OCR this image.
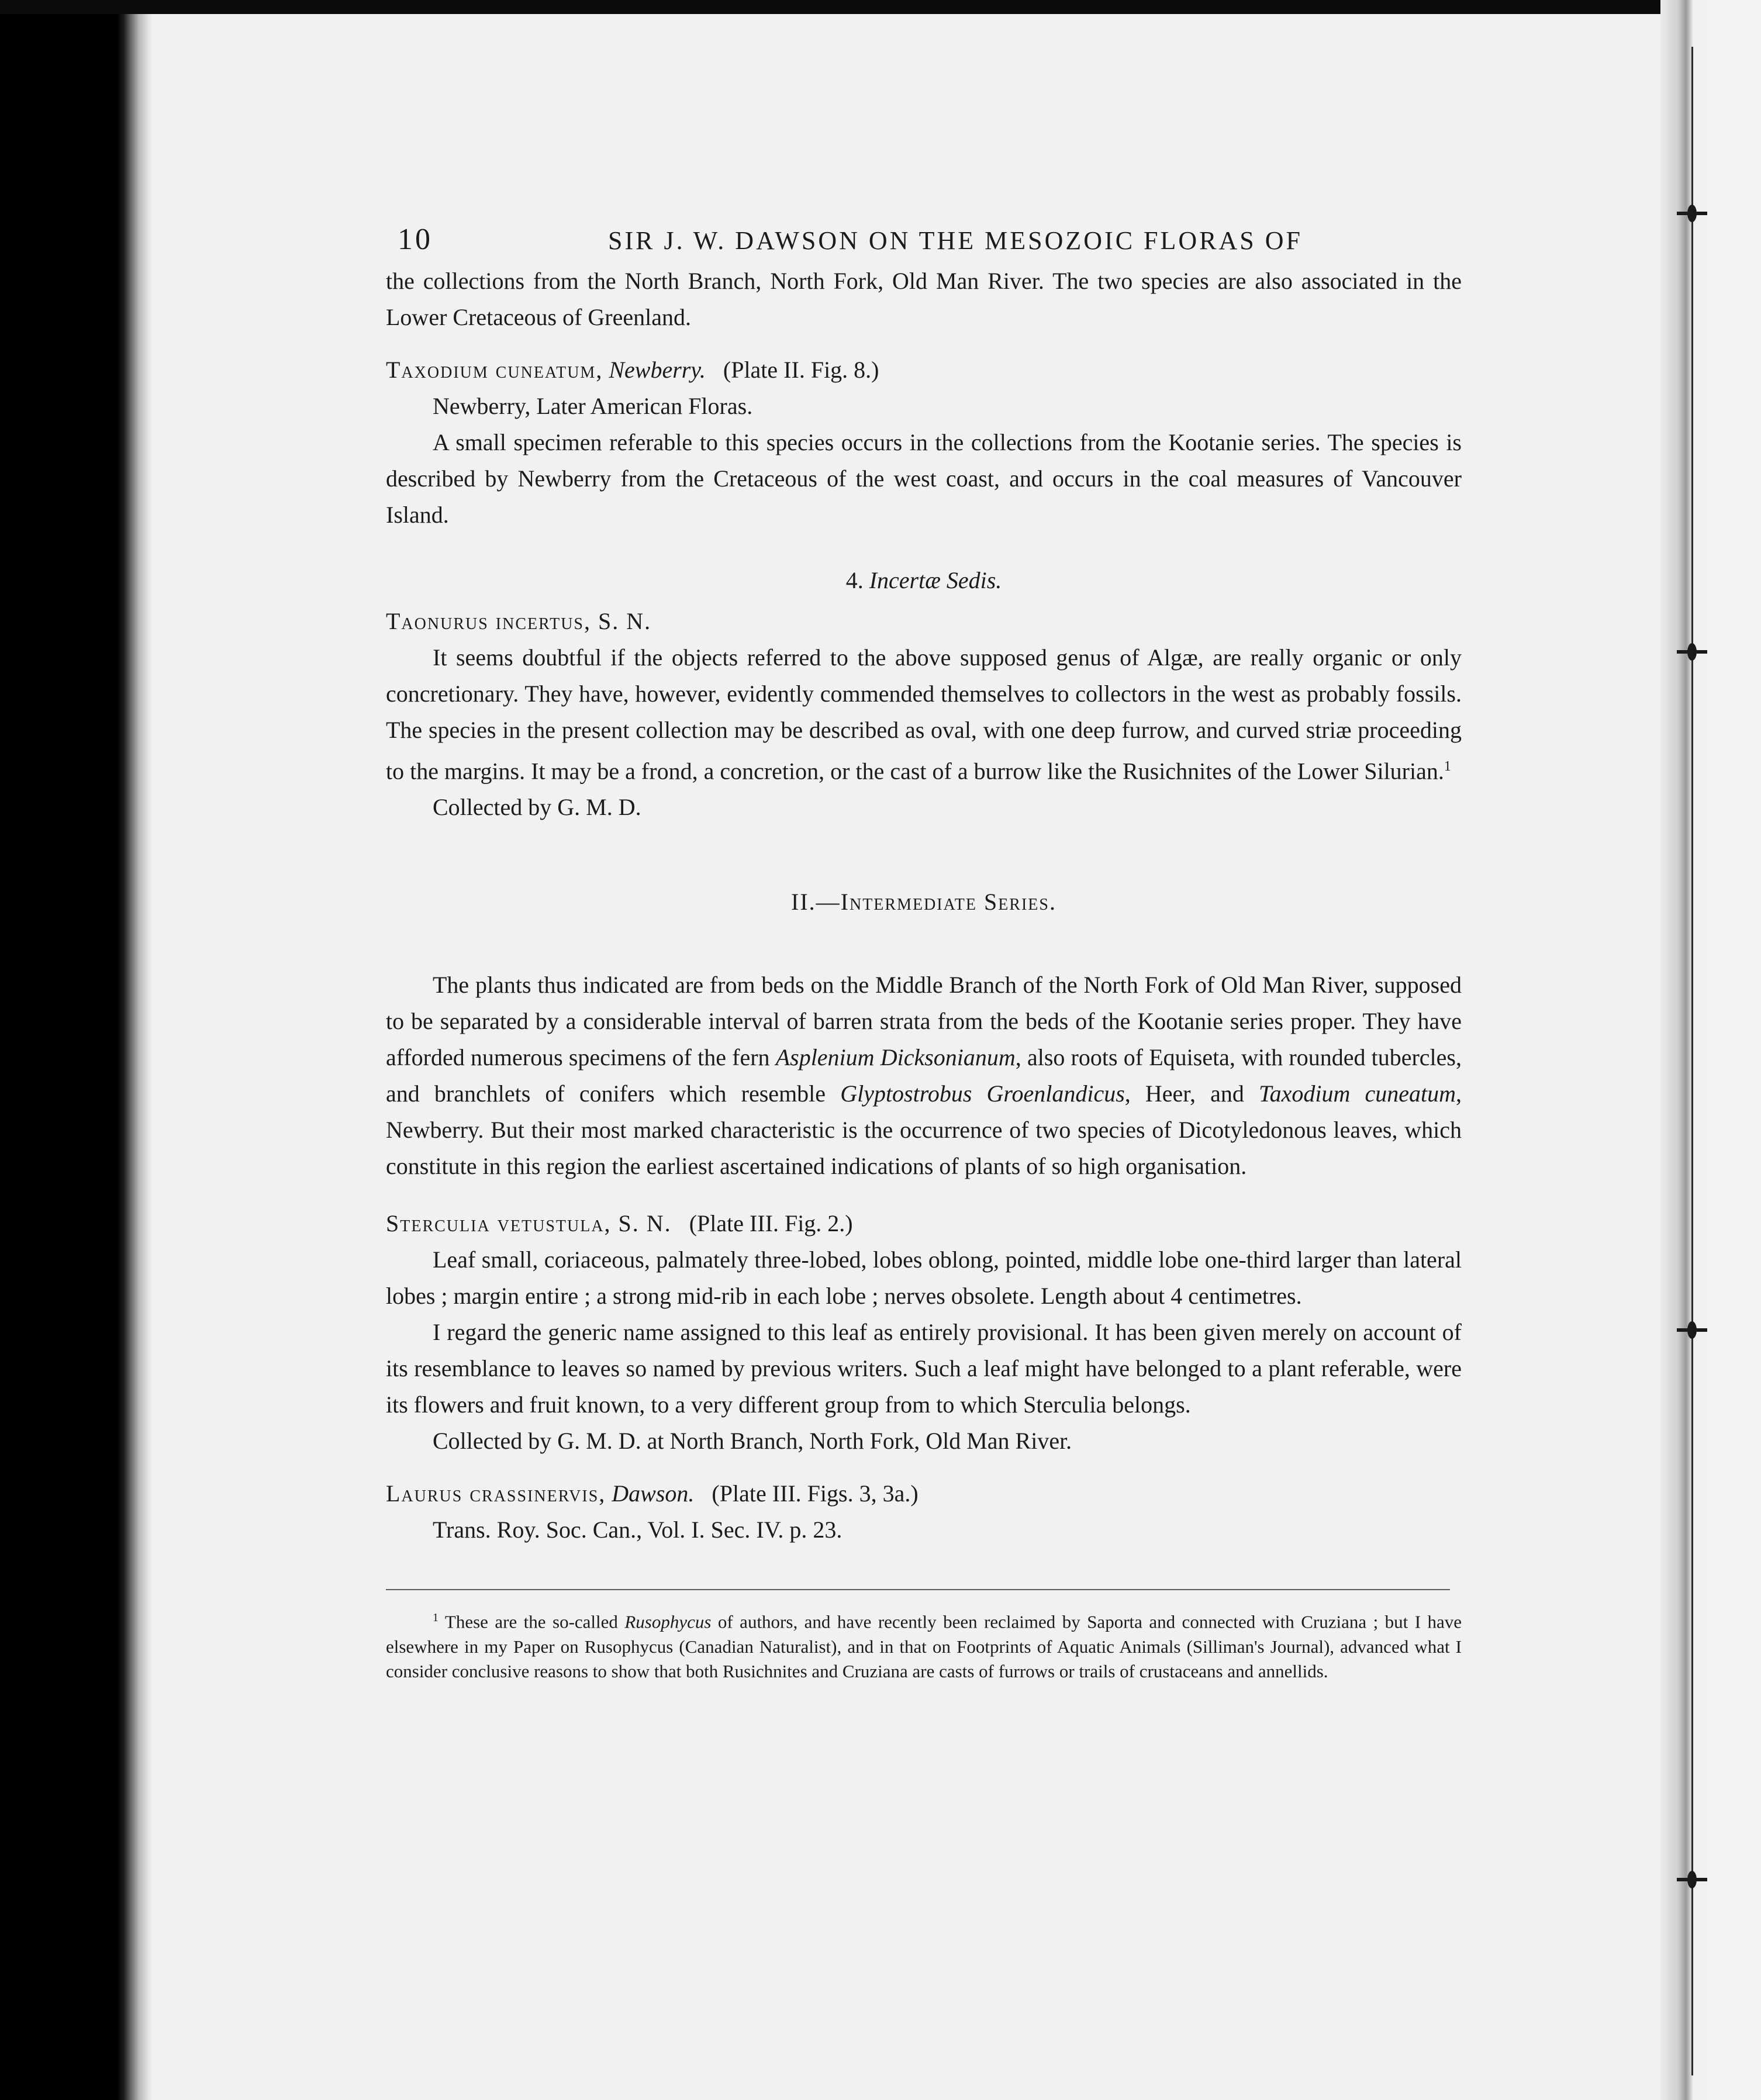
10	SIR J. W. DAWSON ON THE MESOZOIC FLORAS OF

the collections from the North Branch, North Fork, Old Man River. The two species are also associated in the Lower Cretaceous of Greenland.

Taxodium cuneatum, Newberry. (Plate II. Fig. 8.)

Newberry, Later American Floras.

A small specimen referable to this species occurs in the collections from the Kootanie series. The species is described by Newberry from the Cretaceous of the west coast, and occurs in the coal measures of Vancouver Island.

4. Incertæ Sedis.

Taonurus incertus, S. N.

It seems doubtful if the objects referred to the above supposed genus of Algæ, are really organic or only concretionary. They have, however, evidently commended themselves to collectors in the west as probably fossils. The species in the present collection may be described as oval, with one deep furrow, and curved striæ proceeding to the margins. It may be a frond, a concretion, or the cast of a burrow like the Rusichnites of the Lower Silurian.$^1$

Collected by G. M. D.

II.—Intermediate Series.

The plants thus indicated are from beds on the Middle Branch of the North Fork of Old Man River, supposed to be separated by a considerable interval of barren strata from the beds of the Kootanie series proper. They have afforded numerous specimens of the fern Asplenium Dicksonianum, also roots of Equiseta, with rounded tubercles, and branchlets of conifers which resemble Glyptostrobus Groenlandicus, Heer, and Taxodium cuneatum, Newberry. But their most marked characteristic is the occurrence of two species of Dicotyledonous leaves, which constitute in this region the earliest ascertained indications of plants of so high organisation.

Sterculia vetustula, S. N. (Plate III. Fig. 2.)

Leaf small, coriaceous, palmately three-lobed, lobes oblong, pointed, middle lobe one-third larger than lateral lobes ; margin entire ; a strong mid-rib in each lobe ; nerves obsolete. Length about 4 centimetres.

I regard the generic name assigned to this leaf as entirely provisional. It has been given merely on account of its resemblance to leaves so named by previous writers. Such a leaf might have belonged to a plant referable, were its flowers and fruit known, to a very different group from to which Sterculia belongs.

Collected by G. M. D. at North Branch, North Fork, Old Man River.

Laurus crassinervis, Dawson. (Plate III. Figs. 3, 3a.)

Trans. Roy. Soc. Can., Vol. I. Sec. IV. p. 23.

$^1$ These are the so-called Rusophycus of authors, and have recently been reclaimed by Saporta and connected with Cruziana ; but I have elsewhere in my Paper on Rusophycus (Canadian Naturalist), and in that on Footprints of Aquatic Animals (Silliman's Journal), advanced what I consider conclusive reasons to show that both Rusichnites and Cruziana are casts of furrows or trails of crustaceans and annellids.
